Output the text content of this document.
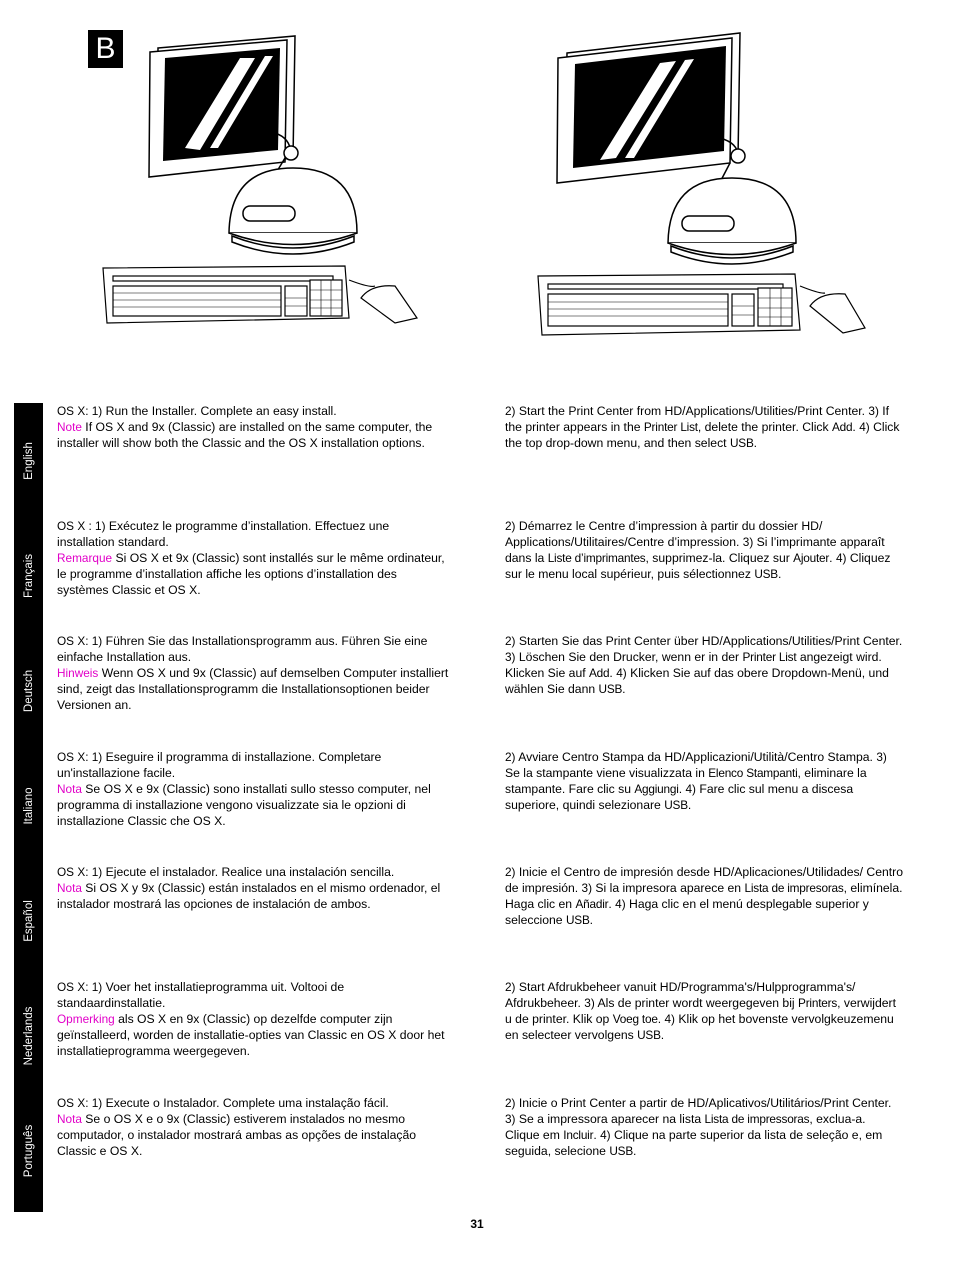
B
English
Français
Deutsch
Italiano
Español
Nederlands
Português

OS X: 1) Run the Installer. Complete an easy install.
Note If OS X and 9x (Classic) are installed on the same computer, the installer will show both the Classic and the OS X installation options.

2) Start the Print Center from HD/Applications/Utilities/Print Center. 3) If the printer appears in the Printer List, delete the printer. Click Add. 4) Click the top drop-down menu, and then select USB.

OS X : 1) Exécutez le programme d’installation. Effectuez une installation standard.
Remarque Si OS X et 9x (Classic) sont installés sur le même ordinateur, le programme d’installation affiche les options d’installation des systèmes Classic et OS X.

2) Démarrez le Centre d’impression à partir du dossier HD/ Applications/Utilitaires/Centre d’impression. 3) Si l’imprimante apparaît dans la Liste d’imprimantes, supprimez-la. Cliquez sur Ajouter. 4) Cliquez sur le menu local supérieur, puis sélectionnez USB.

OS X: 1) Führen Sie das Installationsprogramm aus. Führen Sie eine einfache Installation aus.
Hinweis Wenn OS X und 9x (Classic) auf demselben Computer installiert sind, zeigt das Installationsprogramm die Installationsoptionen beider Versionen an.

2) Starten Sie das Print Center über HD/Applications/Utilities/Print Center. 3) Löschen Sie den Drucker, wenn er in der Printer List angezeigt wird. Klicken Sie auf Add. 4) Klicken Sie auf das obere Dropdown-Menü, und wählen Sie dann USB.

OS X: 1) Eseguire il programma di installazione. Completare un'installazione facile.
Nota Se OS X e 9x (Classic) sono installati sullo stesso computer, nel programma di installazione vengono visualizzate sia le opzioni di installazione Classic che OS X.

2) Avviare Centro Stampa da HD/Applicazioni/Utilità/Centro Stampa. 3) Se la stampante viene visualizzata in Elenco Stampanti, eliminare la stampante. Fare clic su Aggiungi. 4) Fare clic sul menu a discesa superiore, quindi selezionare USB.

OS X: 1) Ejecute el instalador. Realice una instalación sencilla.
Nota Si OS X y 9x (Classic) están instalados en el mismo ordenador, el instalador mostrará las opciones de instalación de ambos.

2) Inicie el Centro de impresión desde HD/Aplicaciones/Utilidades/ Centro de impresión. 3) Si la impresora aparece en Lista de impresoras, elimínela. Haga clic en Añadir. 4) Haga clic en el menú desplegable superior y seleccione USB.

OS X: 1) Voer het installatieprogramma uit. Voltooi de standaardinstallatie.
Opmerking als OS X en 9x (Classic) op dezelfde computer zijn geïnstalleerd, worden de installatie-opties van Classic en OS X door het installatieprogramma weergegeven.

2) Start Afdrukbeheer vanuit HD/Programma's/Hulpprogramma's/ Afdrukbeheer. 3) Als de printer wordt weergegeven bij Printers, verwijdert u de printer. Klik op Voeg toe. 4) Klik op het bovenste vervolgkeuzemenu en selecteer vervolgens USB.

OS X: 1) Execute o Instalador. Complete uma instalação fácil.
Nota Se o OS X e o 9x (Classic) estiverem instalados no mesmo computador, o instalador mostrará ambas as opções de instalação Classic e OS X.

2) Inicie o Print Center a partir de HD/Aplicativos/Utilitários/Print Center. 3) Se a impressora aparecer na lista Lista de impressoras, exclua-a. Clique em Incluir. 4) Clique na parte superior da lista de seleção e, em seguida, selecione USB.

31
